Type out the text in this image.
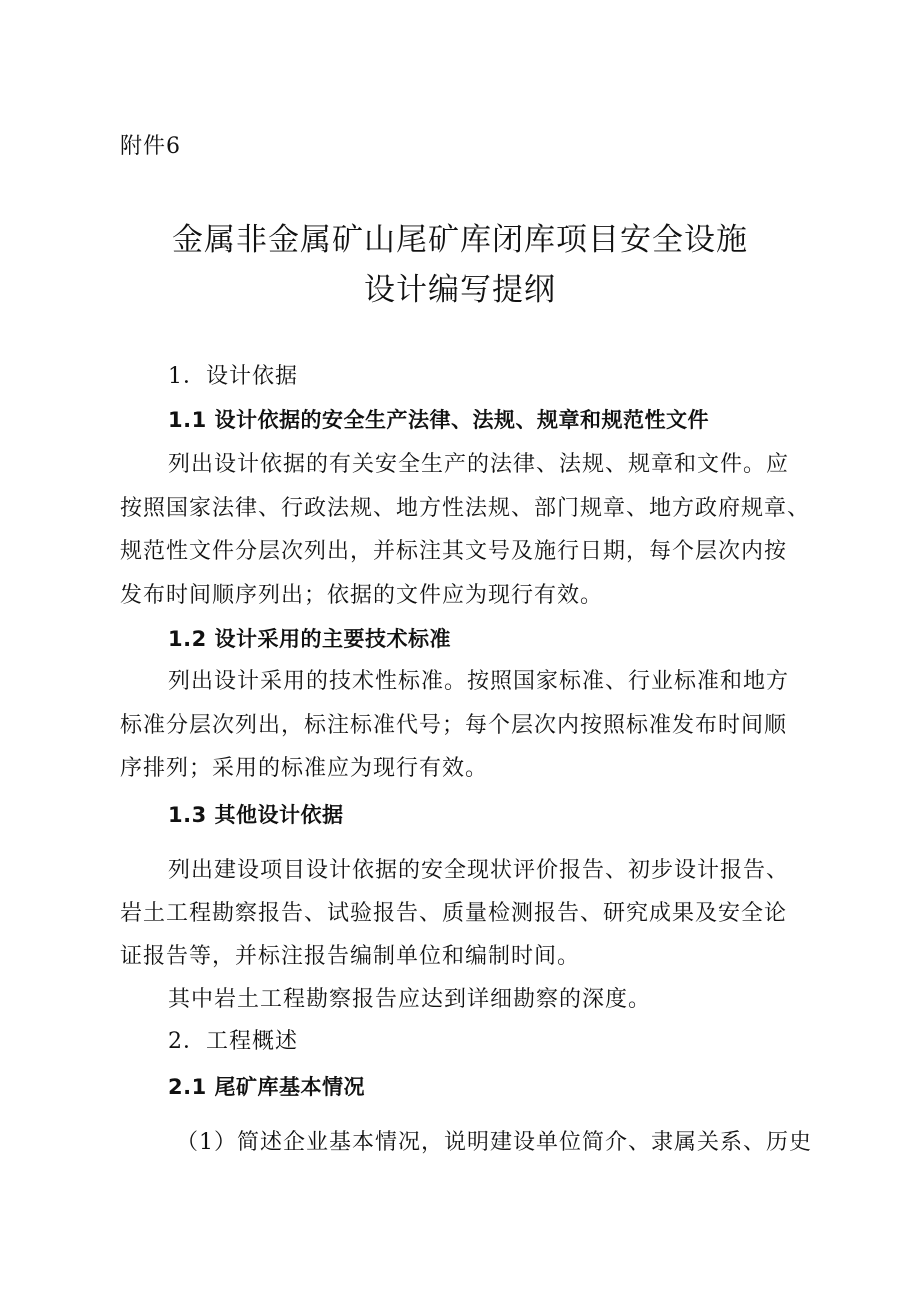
附件6
金属非金属矿山尾矿库闭库项目安全设施
设计编写提纲
1．设计依据
1.1 设计依据的安全生产法律、法规、规章和规范性文件
列出设计依据的有关安全生产的法律、法规、规章和文件。应
按照国家法律、行政法规、地方性法规、部门规章、地方政府规章、
规范性文件分层次列出，并标注其文号及施行日期，每个层次内按
发布时间顺序列出；依据的文件应为现行有效。
1.2 设计采用的主要技术标准
列出设计采用的技术性标准。按照国家标准、行业标准和地方
标准分层次列出，标注标准代号；每个层次内按照标准发布时间顺
序排列；采用的标准应为现行有效。
1.3 其他设计依据
列出建设项目设计依据的安全现状评价报告、初步设计报告、
岩土工程勘察报告、试验报告、质量检测报告、研究成果及安全论
证报告等，并标注报告编制单位和编制时间。
其中岩土工程勘察报告应达到详细勘察的深度。
2．工程概述
2.1 尾矿库基本情况
（1）简述企业基本情况，说明建设单位简介、隶属关系、历史
